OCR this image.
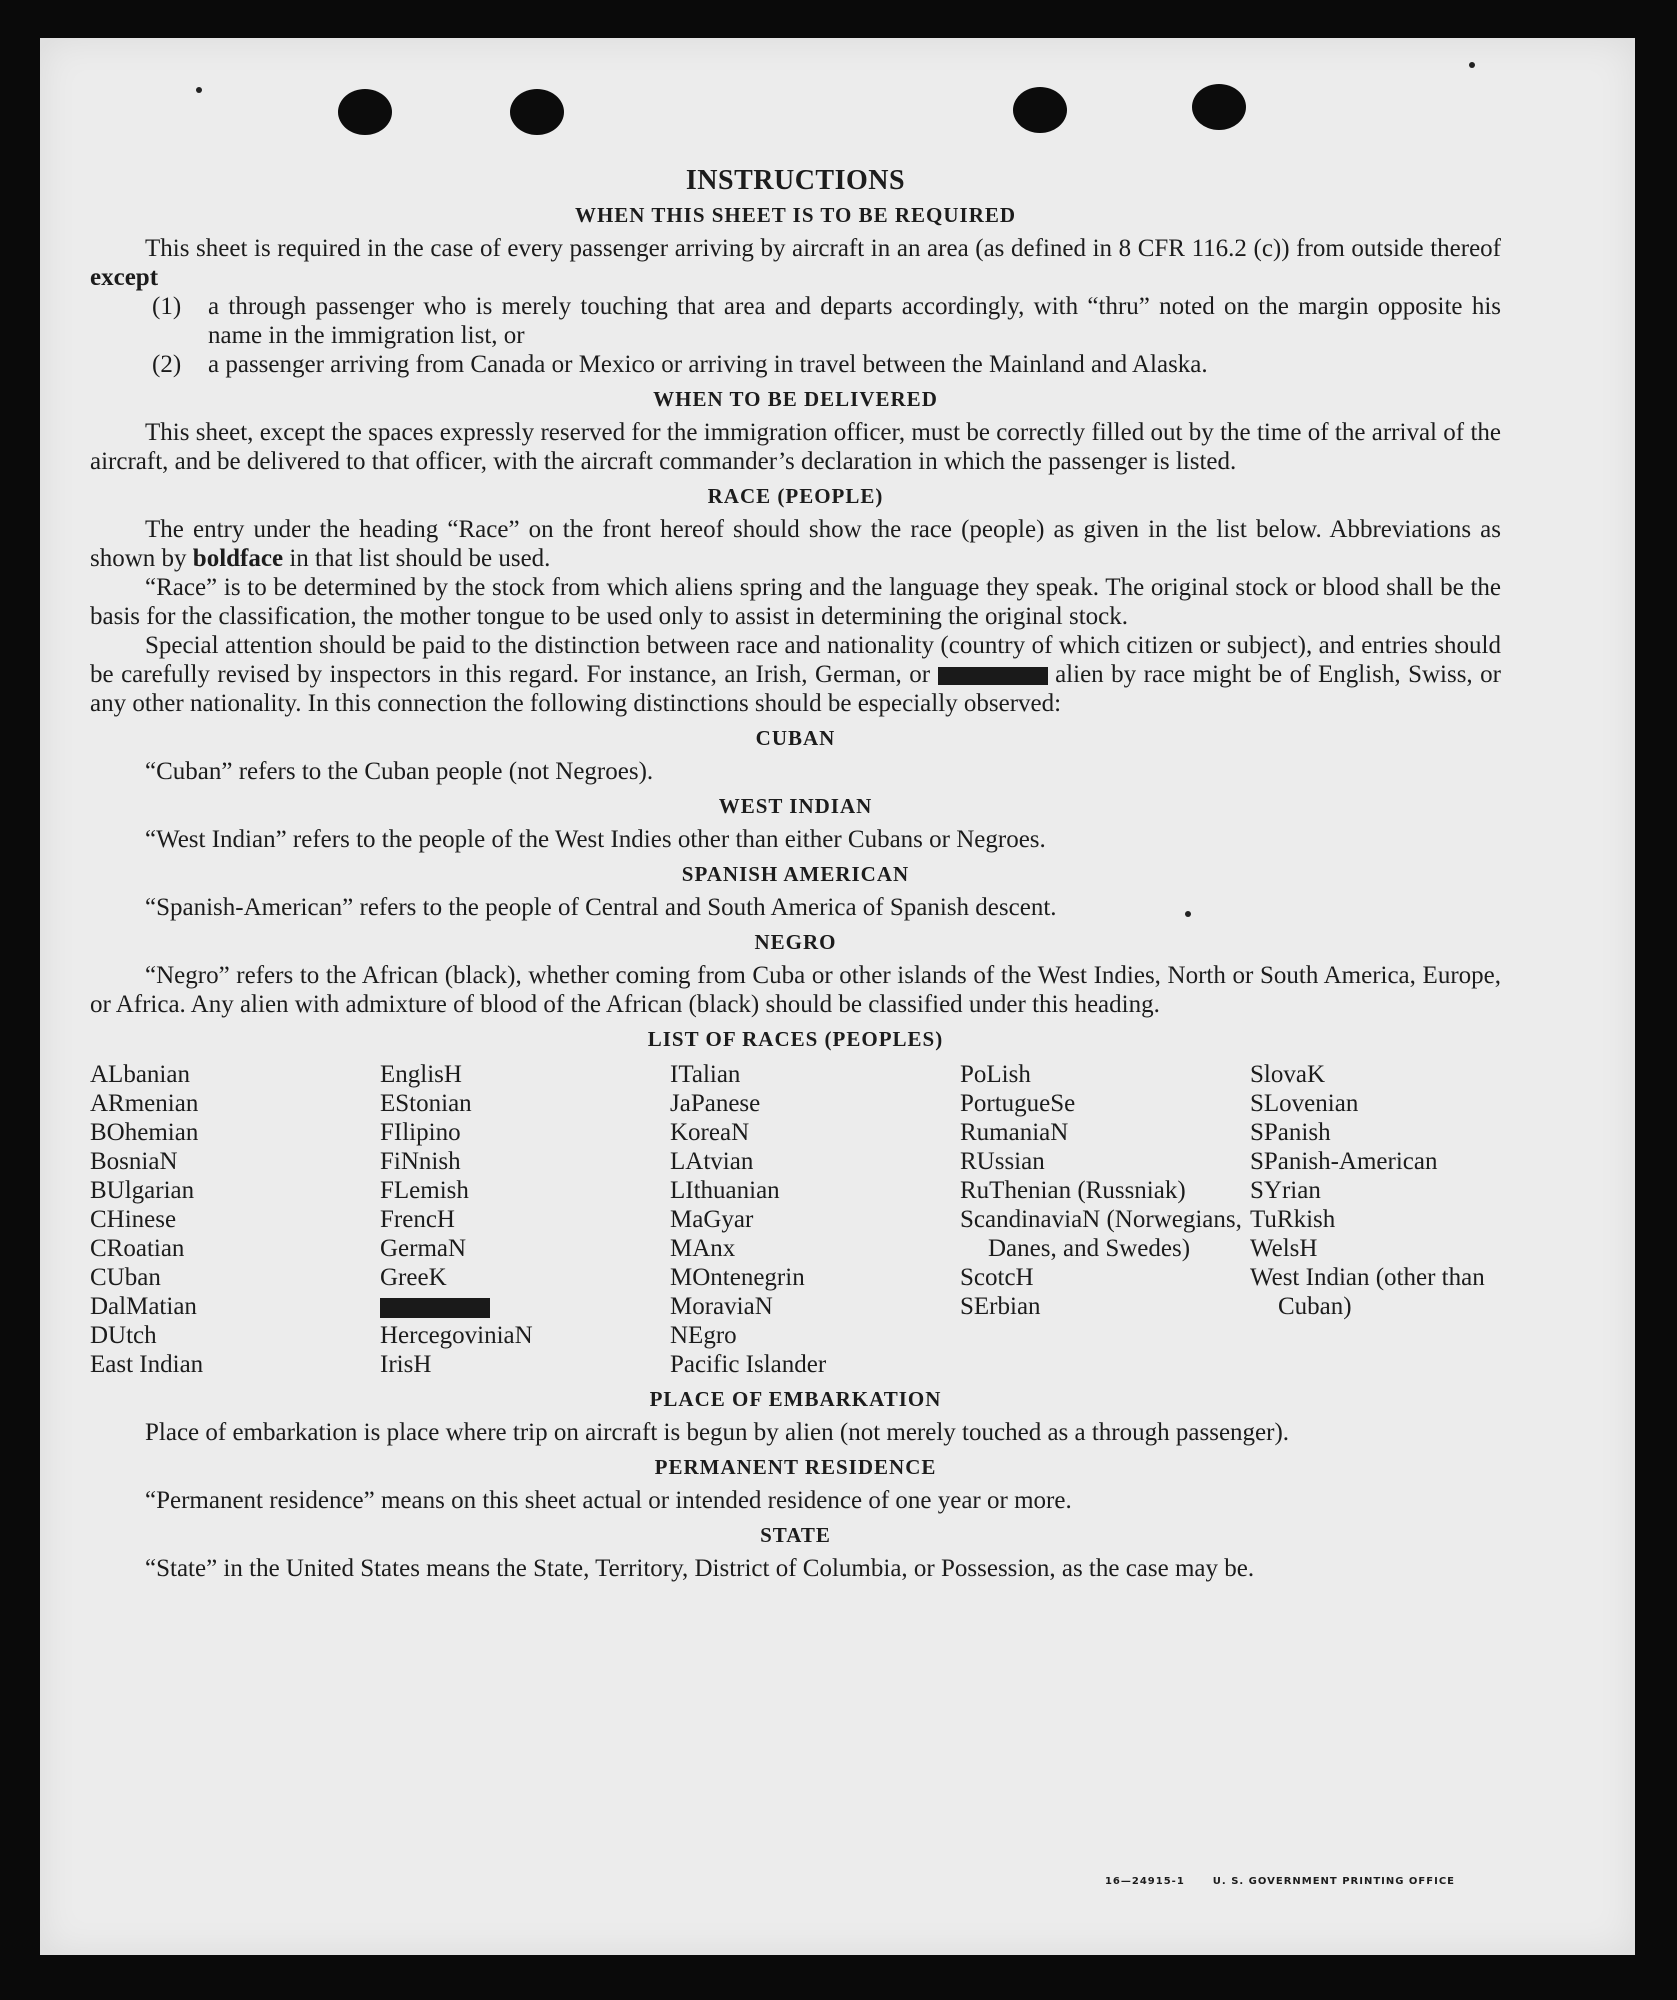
INSTRUCTIONS
WHEN THIS SHEET IS TO BE REQUIRED

This sheet is required in the case of every passenger arriving by aircraft in an area (as defined in 8 CFR 116.2 (c)) from outside thereof except

(1) a through passenger who is merely touching that area and departs accordingly, with “thru” noted on the margin opposite his name in the immigration list, or

(2) a passenger arriving from Canada or Mexico or arriving in travel between the Mainland and Alaska.

WHEN TO BE DELIVERED

This sheet, except the spaces expressly reserved for the immigration officer, must be correctly filled out by the time of the arrival of the aircraft, and be delivered to that officer, with the aircraft commander’s declaration in which the passenger is listed.

RACE (PEOPLE)

The entry under the heading “Race” on the front hereof should show the race (people) as given in the list below. Abbreviations as shown by boldface in that list should be used.

“Race” is to be determined by the stock from which aliens spring and the language they speak. The original stock or blood shall be the basis for the classification, the mother tongue to be used only to assist in determining the original stock.

Special attention should be paid to the distinction between race and nationality (country of which citizen or subject), and entries should be carefully revised by inspectors in this regard. For instance, an Irish, German, or	alien by race might be of English, Swiss, or any other nationality. In this connection the following distinctions should be especially observed:

CUBAN

“Cuban” refers to the Cuban people (not Negroes).

WEST INDIAN

“West Indian” refers to the people of the West Indies other than either Cubans or Negroes.

SPANISH AMERICAN

“Spanish-American” refers to the people of Central and South America of Spanish descent.

NEGRO

“Negro” refers to the African (black), whether coming from Cuba or other islands of the West Indies, North or South America, Europe, or Africa. Any alien with admixture of blood of the African (black) should be classified under this heading.

LIST OF RACES (PEOPLES)
ALbanian
ARmenian
BOhemian
BosniaN
BUlgarian
CHinese
CRoatian
CUban
DalMatian
DUtch
East Indian
EnglisH
EStonian
FIlipino
FiNnish
FLemish
FrencH
GermaN
GreeK
HercegoviniaN
IrisH
ITalian
JaPanese
KoreaN
LAtvian
LIthuanian
MaGyar
MAnx
MOntenegrin
MoraviaN
NEgro
Pacific Islander
PoLish
PortugueSe
RumaniaN
RUssian
RuThenian (Russniak)
ScandinaviaN (Norwegians, Danes, and Swedes)
ScotcH
SErbian
SlovaK
SLovenian
SPanish
SPanish-American
SYrian
TuRkish
WelsH
West Indian (other than Cuban)
PLACE OF EMBARKATION

Place of embarkation is place where trip on aircraft is begun by alien (not merely touched as a through passenger).

PERMANENT RESIDENCE

“Permanent residence” means on this sheet actual or intended residence of one year or more.

STATE

“State” in the United States means the State, Territory, District of Columbia, or Possession, as the case may be.

16—24915-1	U. S. GOVERNMENT PRINTING OFFICE
